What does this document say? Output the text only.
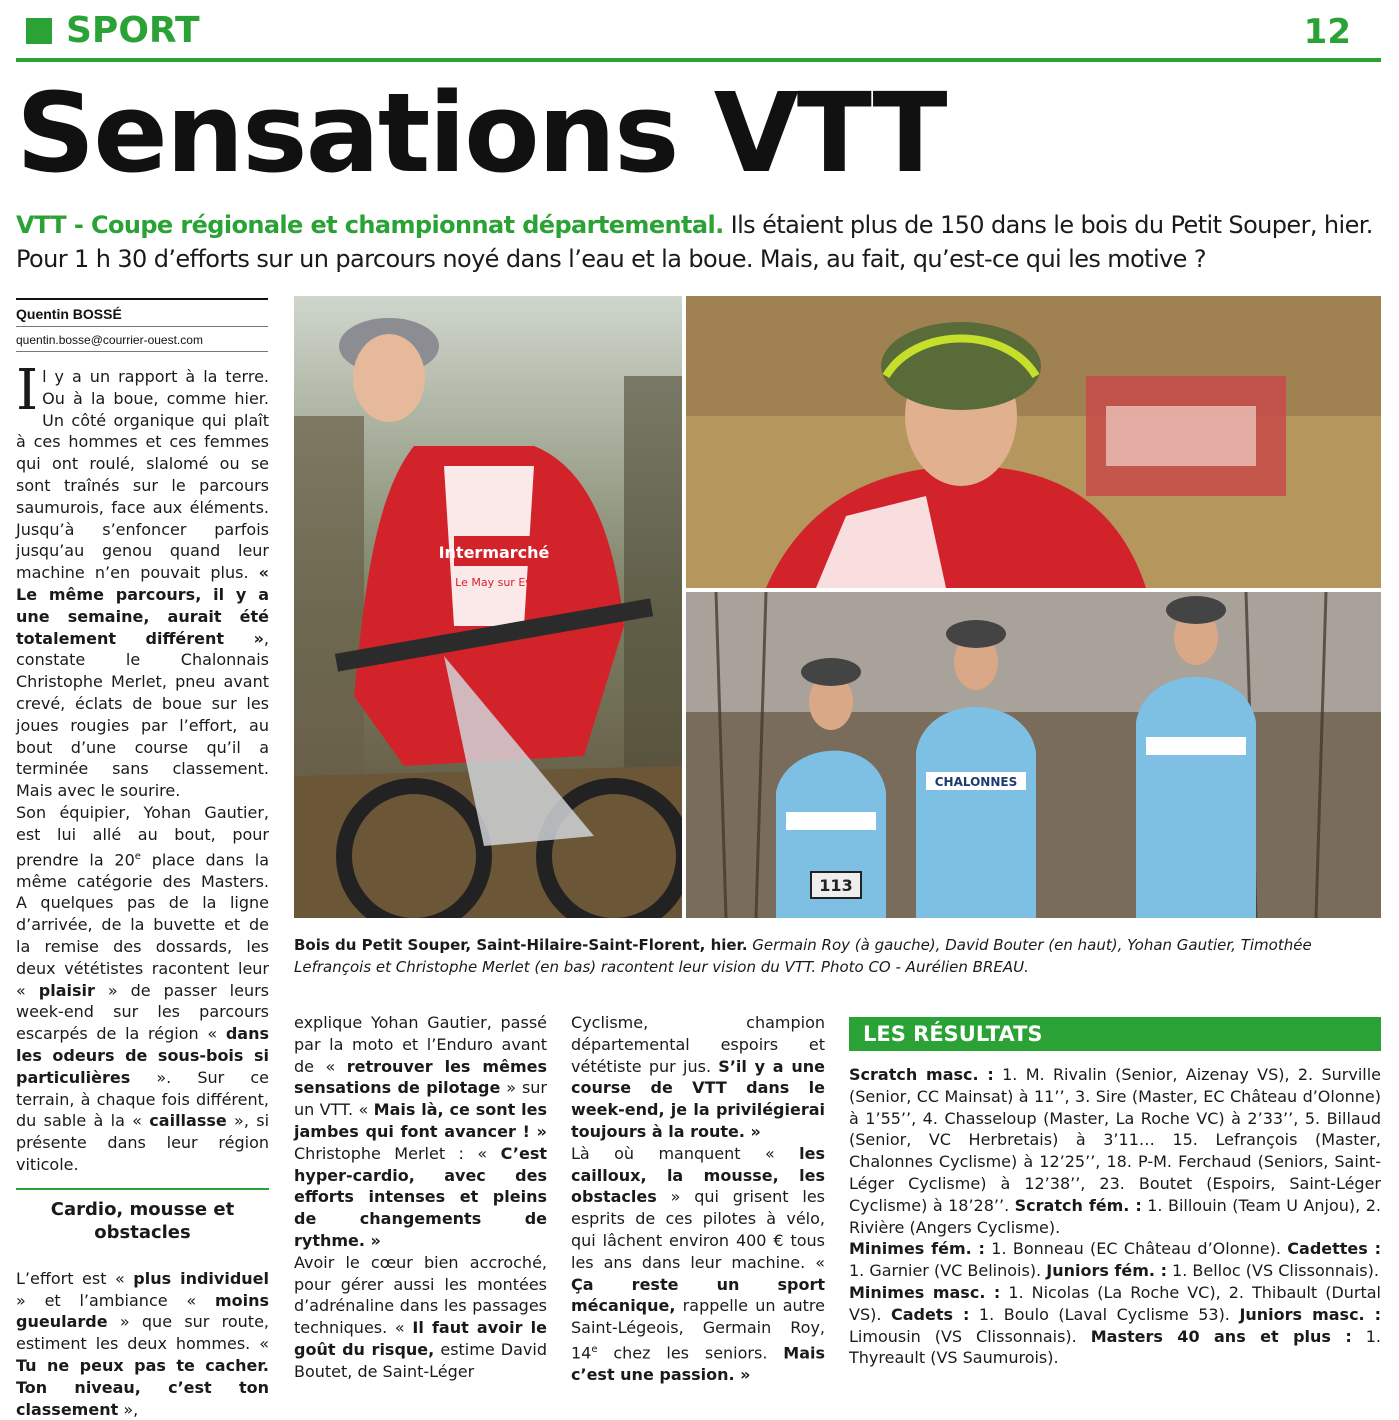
SPORT	12
Sensations VTT
VTT - Coupe régionale et championnat départemental. Ils étaient plus de 150 dans le bois du Petit Souper, hier. Pour 1 h 30 d’efforts sur un parcours noyé dans l’eau et la boue. Mais, au fait, qu’est-ce qui les motive ?
Quentin BOSSÉ
quentin.bosse@courrier-ouest.com

Il y a un rapport à la terre. Ou à la boue, comme hier. Un côté organique qui plaît à ces hommes et ces femmes qui ont roulé, slalomé ou se sont traînés sur le parcours saumurois, face aux éléments. Jusqu’à s’enfoncer parfois jusqu’au genou quand leur machine n’en pouvait plus. « Le même parcours, il y a une semaine, aurait été totalement différent », constate le Chalonnais Christophe Merlet, pneu avant crevé, éclats de boue sur les joues rougies par l’effort, au bout d’une course qu’il a terminée sans classement. Mais avec le sourire.

Son équipier, Yohan Gautier, est lui allé au bout, pour prendre la 20e place dans la même catégorie des Masters. A quelques pas de la ligne d’arrivée, de la buvette et de la remise des dossards, les deux vététistes racontent leur « plaisir » de passer leurs week-end sur les parcours escarpés de la région « dans les odeurs de sous-bois si particulières ». Sur ce terrain, à chaque fois différent, du sable à la « caillasse », si présente dans leur région viticole.

Cardio, mousse et obstacles

L’effort est « plus individuel » et l’ambiance « moins gueularde » que sur route, estiment les deux hommes. « Tu ne peux pas te cacher. Ton niveau, c’est ton classement »,

Intermarché
Le May sur Evre
CHALONNES
113
Bois du Petit Souper, Saint-Hilaire-Saint-Florent, hier. Germain Roy (à gauche), David Bouter (en haut), Yohan Gautier, Timothée Lefrançois et Christophe Merlet (en bas) racontent leur vision du VTT. Photo CO - Aurélien BREAU.

explique Yohan Gautier, passé par la moto et l’Enduro avant de « retrouver les mêmes sensations de pilotage » sur un VTT. « Mais là, ce sont les jambes qui font avancer ! » Christophe Merlet : « C’est hyper-cardio, avec des efforts intenses et pleins de changements de rythme. »

Avoir le cœur bien accroché, pour gérer aussi les montées d’adrénaline dans les passages techniques. « Il faut avoir le goût du risque, estime David Boutet, de Saint-Léger

Cyclisme, champion départemental espoirs et vététiste pur jus. S’il y a une course de VTT dans le week-end, je la privilégierai toujours à la route. »

Là où manquent « les cailloux, la mousse, les obstacles » qui grisent les esprits de ces pilotes à vélo, qui lâchent environ 400 € tous les ans dans leur machine. « Ça reste un sport mécanique, rappelle un autre Saint-Légeois, Germain Roy, 14e chez les seniors. Mais c’est une passion. »

LES RÉSULTATS

Scratch masc. : 1. M. Rivalin (Senior, Aizenay VS), 2. Surville (Senior, CC Mainsat) à 11’’, 3. Sire (Master, EC Château d’Olonne) à 1’55’’, 4. Chasseloup (Master, La Roche VC) à 2’33’’, 5. Billaud (Senior, VC Herbretais) à 3’11… 15. Lefrançois (Master, Chalonnes Cyclisme) à 12’25’’, 18. P-M. Ferchaud (Seniors, Saint-Léger Cyclisme) à 12’38’’, 23. Boutet (Espoirs, Saint-Léger Cyclisme) à 18’28’’. Scratch fém. : 1. Billouin (Team U Anjou), 2. Rivière (Angers Cyclisme).

Minimes fém. : 1. Bonneau (EC Château d’Olonne). Cadettes : 1. Garnier (VC Belinois). Juniors fém. : 1. Belloc (VS Clissonnais).

Minimes masc. : 1. Nicolas (La Roche VC), 2. Thibault (Durtal VS). Cadets : 1. Boulo (Laval Cyclisme 53). Juniors masc. : Limousin (VS Clissonnais). Masters 40 ans et plus : 1. Thyreault (VS Saumurois).
